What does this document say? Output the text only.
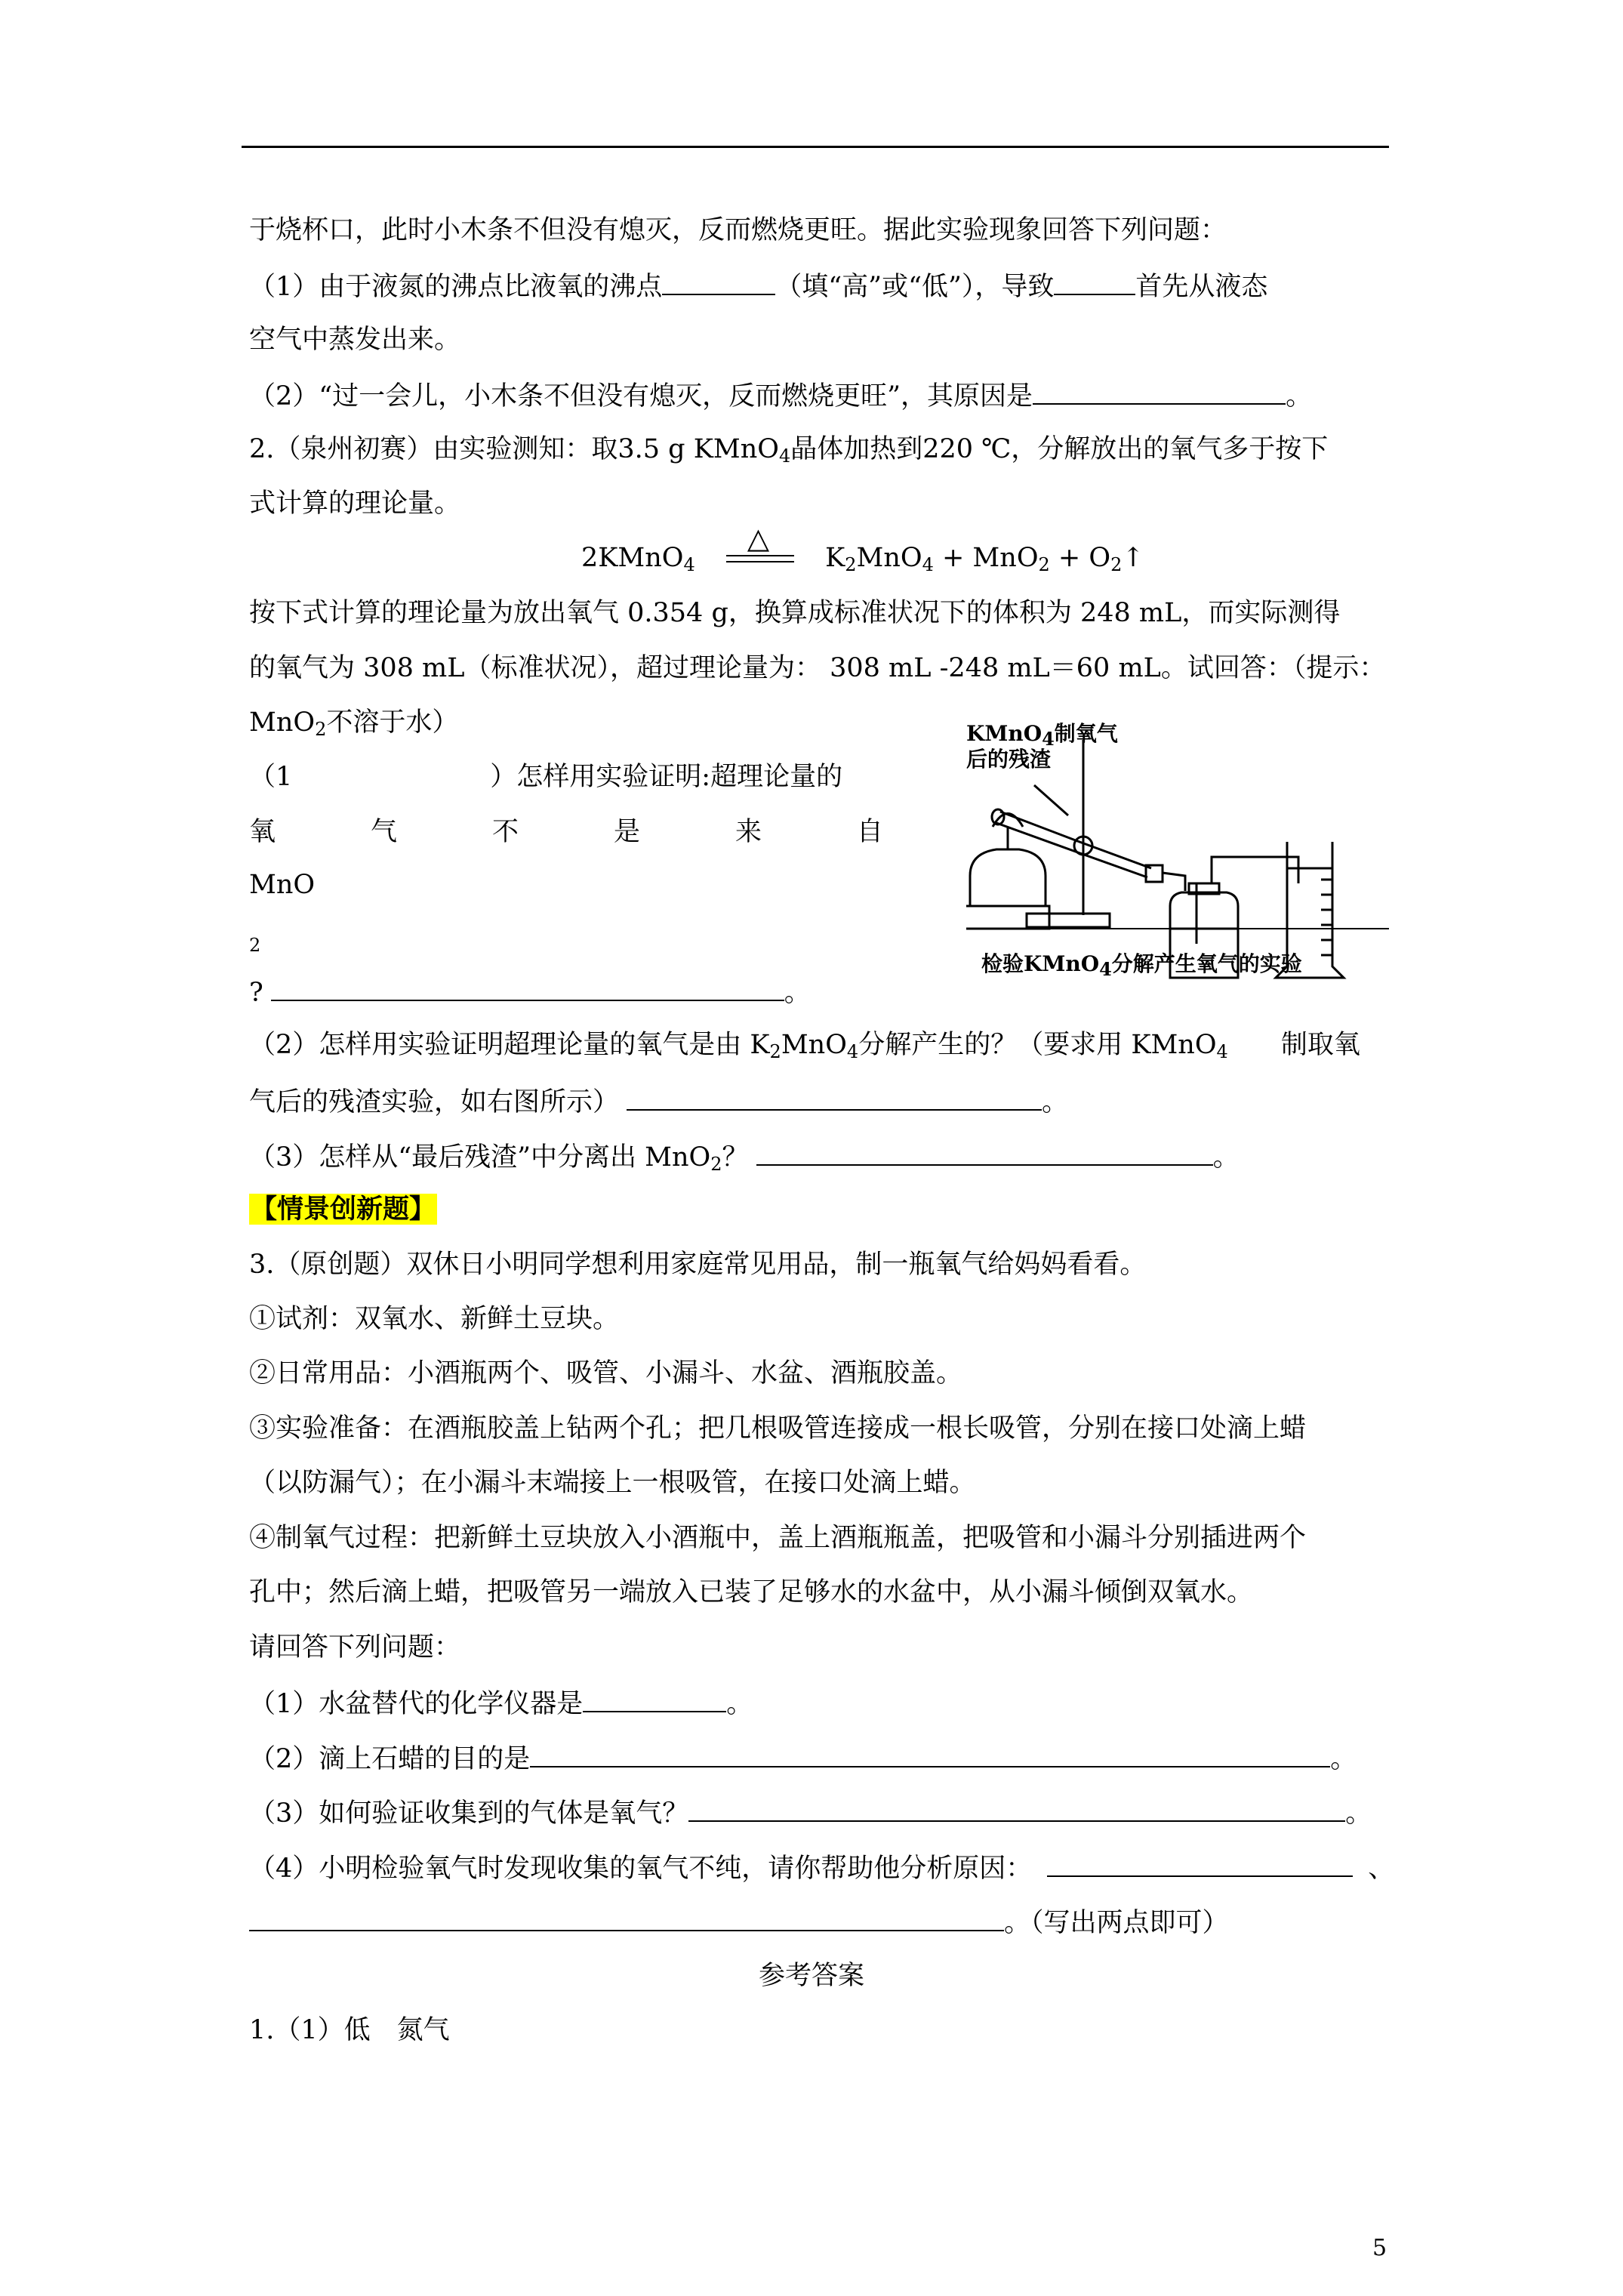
于烧杯口，此时小木条不但没有熄灭，反而燃烧更旺。据此实验现象回答下列问题：
（1）由于液氮的沸点比液氧的沸点	（填“高”或“低”），导致	首先从液态
空气中蒸发出来。
（2）“过一会儿，小木条不但没有熄灭，反而燃烧更旺”，其原因是	。
2.（泉州初赛）由实验测知：取3.5 g KMnO$_4$晶体加热到220 ℃，分解放出的氧气多于按下
式计算的理论量。
2KMnO$_4$
△
$K_2MnO_4 + MnO_2$ + $O_2↑$
按下式计算的理论量为放出氧气 0.354 g，换算成标准状况下的体积为 248 mL，而实际测得
的氧气为 308 mL（标准状况），超过理论量为： 308 mL -248 mL＝60 mL。试回答：（提示：
MnO$_2$不溶于水）
（1	）怎样用实验证明:超理论量的
氧	气	不	是	来	自
MnO
2
?	。
（2）怎样用实验证明超理论量的氧气是由 $K_2MnO_4$分解产生的？（要求用 KMnO$_4$ 制取氧
气后的残渣实验，如右图所示）	。
（3）怎样从“最后残渣”中分离出 MnO$_2$？	。
【情景创新题】
3.（原创题）双休日小明同学想利用家庭常见用品，制一瓶氧气给妈妈看看。
①试剂：双氧水、新鲜土豆块。
②日常用品：小酒瓶两个、吸管、小漏斗、水盆、酒瓶胶盖。
③实验准备：在酒瓶胶盖上钻两个孔；把几根吸管连接成一根长吸管，分别在接口处滴上蜡
（以防漏气）；在小漏斗末端接上一根吸管，在接口处滴上蜡。
④制氧气过程：把新鲜土豆块放入小酒瓶中，盖上酒瓶瓶盖，把吸管和小漏斗分别插进两个
孔中；然后滴上蜡，把吸管另一端放入已装了足够水的水盆中，从小漏斗倾倒双氧水。
请回答下列问题：
（1）水盆替代的化学仪器是	。
（2）滴上石蜡的目的是	。
（3）如何验证收集到的气体是氧气？	。
（4）小明检验氧气时发现收集的氧气不纯，请你帮助他分析原因：	、
。（写出两点即可）
参考答案
1.（1）低　氮气
KMnO$_4$制氧气
后的残渣
检验KMnO$_4$分解产生氧气的实验
5
